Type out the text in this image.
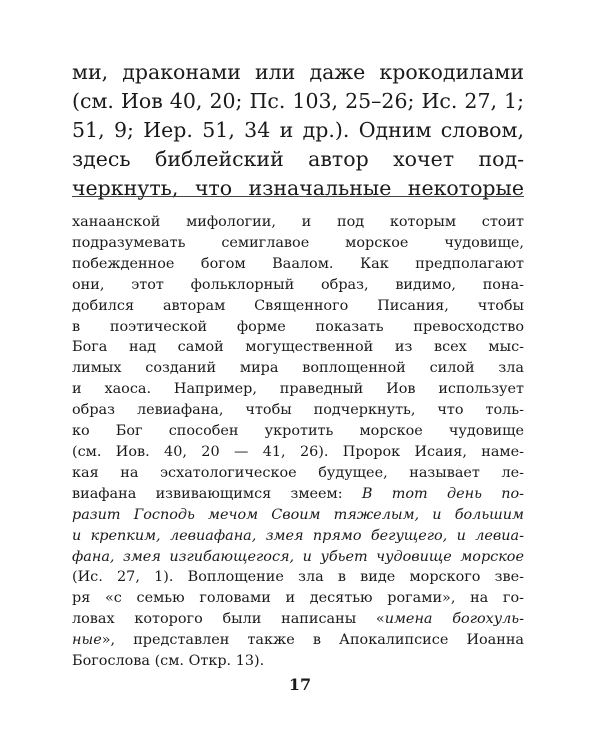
ми, драконами или даже крокодилами
(см. Иов 40, 20; Пс. 103, 25–26; Ис. 27, 1;
51, 9; Иер. 51, 34 и др.). Одним словом,
здесь библейский автор хочет под-
черкнуть, что изначальные некоторые
ханаанской мифологии, и под которым стоит
подразумевать семиглавое морское чудовище,
побежденное богом Ваалом. Как предполагают
они, этот фольклорный образ, видимо, пона-
добился авторам Священного Писания, чтобы
в поэтической форме показать превосходство
Бога над самой могущественной из всех мыс-
лимых созданий мира воплощенной силой зла
и хаоса. Например, праведный Иов использует
образ левиафана, чтобы подчеркнуть, что толь-
ко Бог способен укротить морское чудовище
(см. Иов. 40, 20 — 41, 26). Пророк Исаия, наме-
кая на эсхатологическое будущее, называет ле-
виафана извивающимся змеем: В тот день по-
разит Господь мечом Своим тяжелым, и большим
и крепким, левиафана, змея прямо бегущего, и левиа-
фана, змея изгибающегося, и убьет чудовище морское
(Ис. 27, 1). Воплощение зла в виде морского зве-
ря «с семью головами и десятью рогами», на го-
ловах которого были написаны «имена богохуль-
ные», представлен также в Апокалипсисе Иоанна
Богослова (см. Откр. 13).
17
